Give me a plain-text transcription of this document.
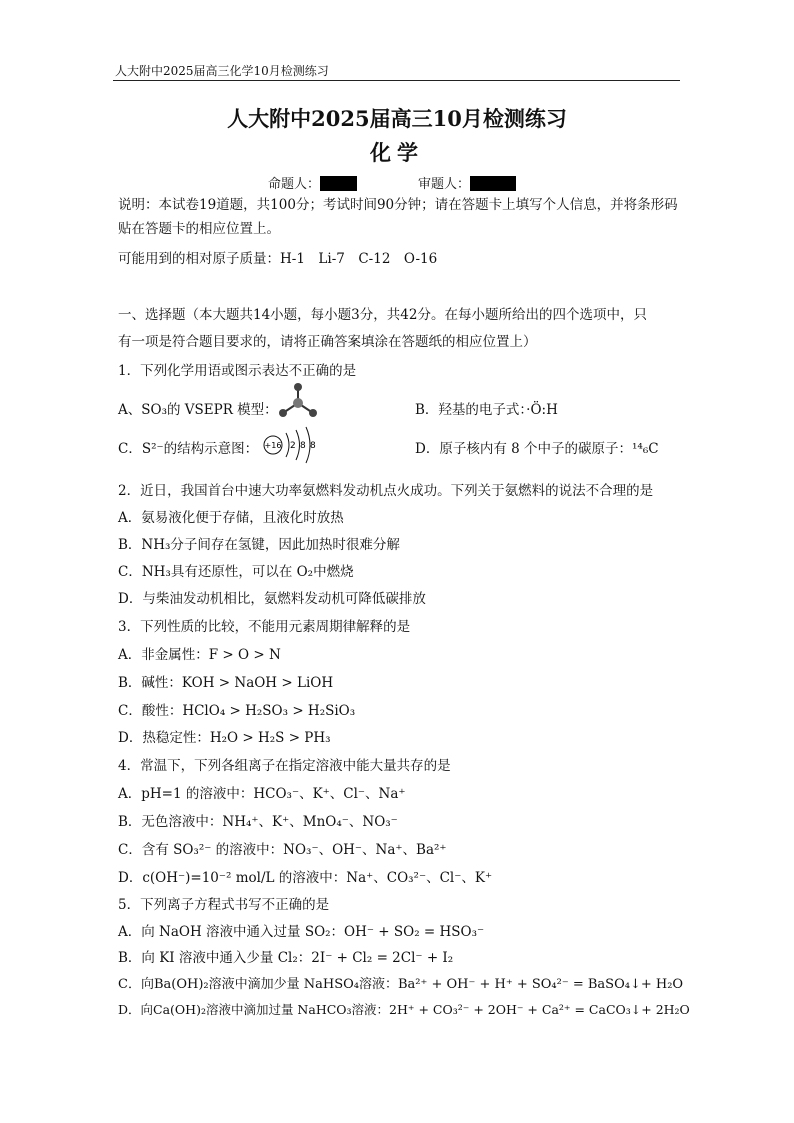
人大附中2025届高三化学10月检测练习
人大附中2025届高三10月检测练习
化学
命题人：	审题人：
说明：本试卷19道题，共100分；考试时间90分钟；请在答题卡上填写个人信息，并将条形码贴在答题卡的相应位置上。
可能用到的相对原子质量：H-1　Li-7　C-12　O-16
一、选择题（本大题共14小题，每小题3分，共42分。在每小题所给出的四个选项中，只
有一项是符合题目要求的，请将正确答案填涂在答题纸的相应位置上）
1．下列化学用语或图示表达不正确的是
A、SO₃的 VSEPR 模型：	B．羟基的电子式：·Ö:H
C．S²⁻的结构示意图： +16 2 8 8	D．原子核内有 8 个中子的碳原子：¹⁴₆C
2．近日，我国首台中速大功率氨燃料发动机点火成功。下列关于氨燃料的说法不合理的是
A．氨易液化便于存储，且液化时放热
B．NH₃分子间存在氢键，因此加热时很难分解
C．NH₃具有还原性，可以在 O₂中燃烧
D．与柴油发动机相比，氨燃料发动机可降低碳排放
3．下列性质的比较，不能用元素周期律解释的是
A．非金属性：F > O > N
B．碱性：KOH > NaOH > LiOH
C．酸性：HClO₄ > H₂SO₃ > H₂SiO₃
D．热稳定性：H₂O > H₂S > PH₃
4．常温下，下列各组离子在指定溶液中能大量共存的是
A．pH=1 的溶液中：HCO₃⁻、K⁺、Cl⁻、Na⁺
B．无色溶液中：NH₄⁺、K⁺、MnO₄⁻、NO₃⁻
C．含有 SO₃²⁻ 的溶液中：NO₃⁻、OH⁻、Na⁺、Ba²⁺
D．c(OH⁻)=10⁻² mol/L 的溶液中：Na⁺、CO₃²⁻、Cl⁻、K⁺
5．下列离子方程式书写不正确的是
A．向 NaOH 溶液中通入过量 SO₂：OH⁻ + SO₂ = HSO₃⁻
B．向 KI 溶液中通入少量 Cl₂：2I⁻ + Cl₂ = 2Cl⁻ + I₂
C．向Ba(OH)₂溶液中滴加少量 NaHSO₄溶液：Ba²⁺ + OH⁻ + H⁺ + SO₄²⁻ = BaSO₄↓+ H₂O
D．向Ca(OH)₂溶液中滴加过量 NaHCO₃溶液：2H⁺ + CO₃²⁻ + 2OH⁻ + Ca²⁺ = CaCO₃↓+ 2H₂O
